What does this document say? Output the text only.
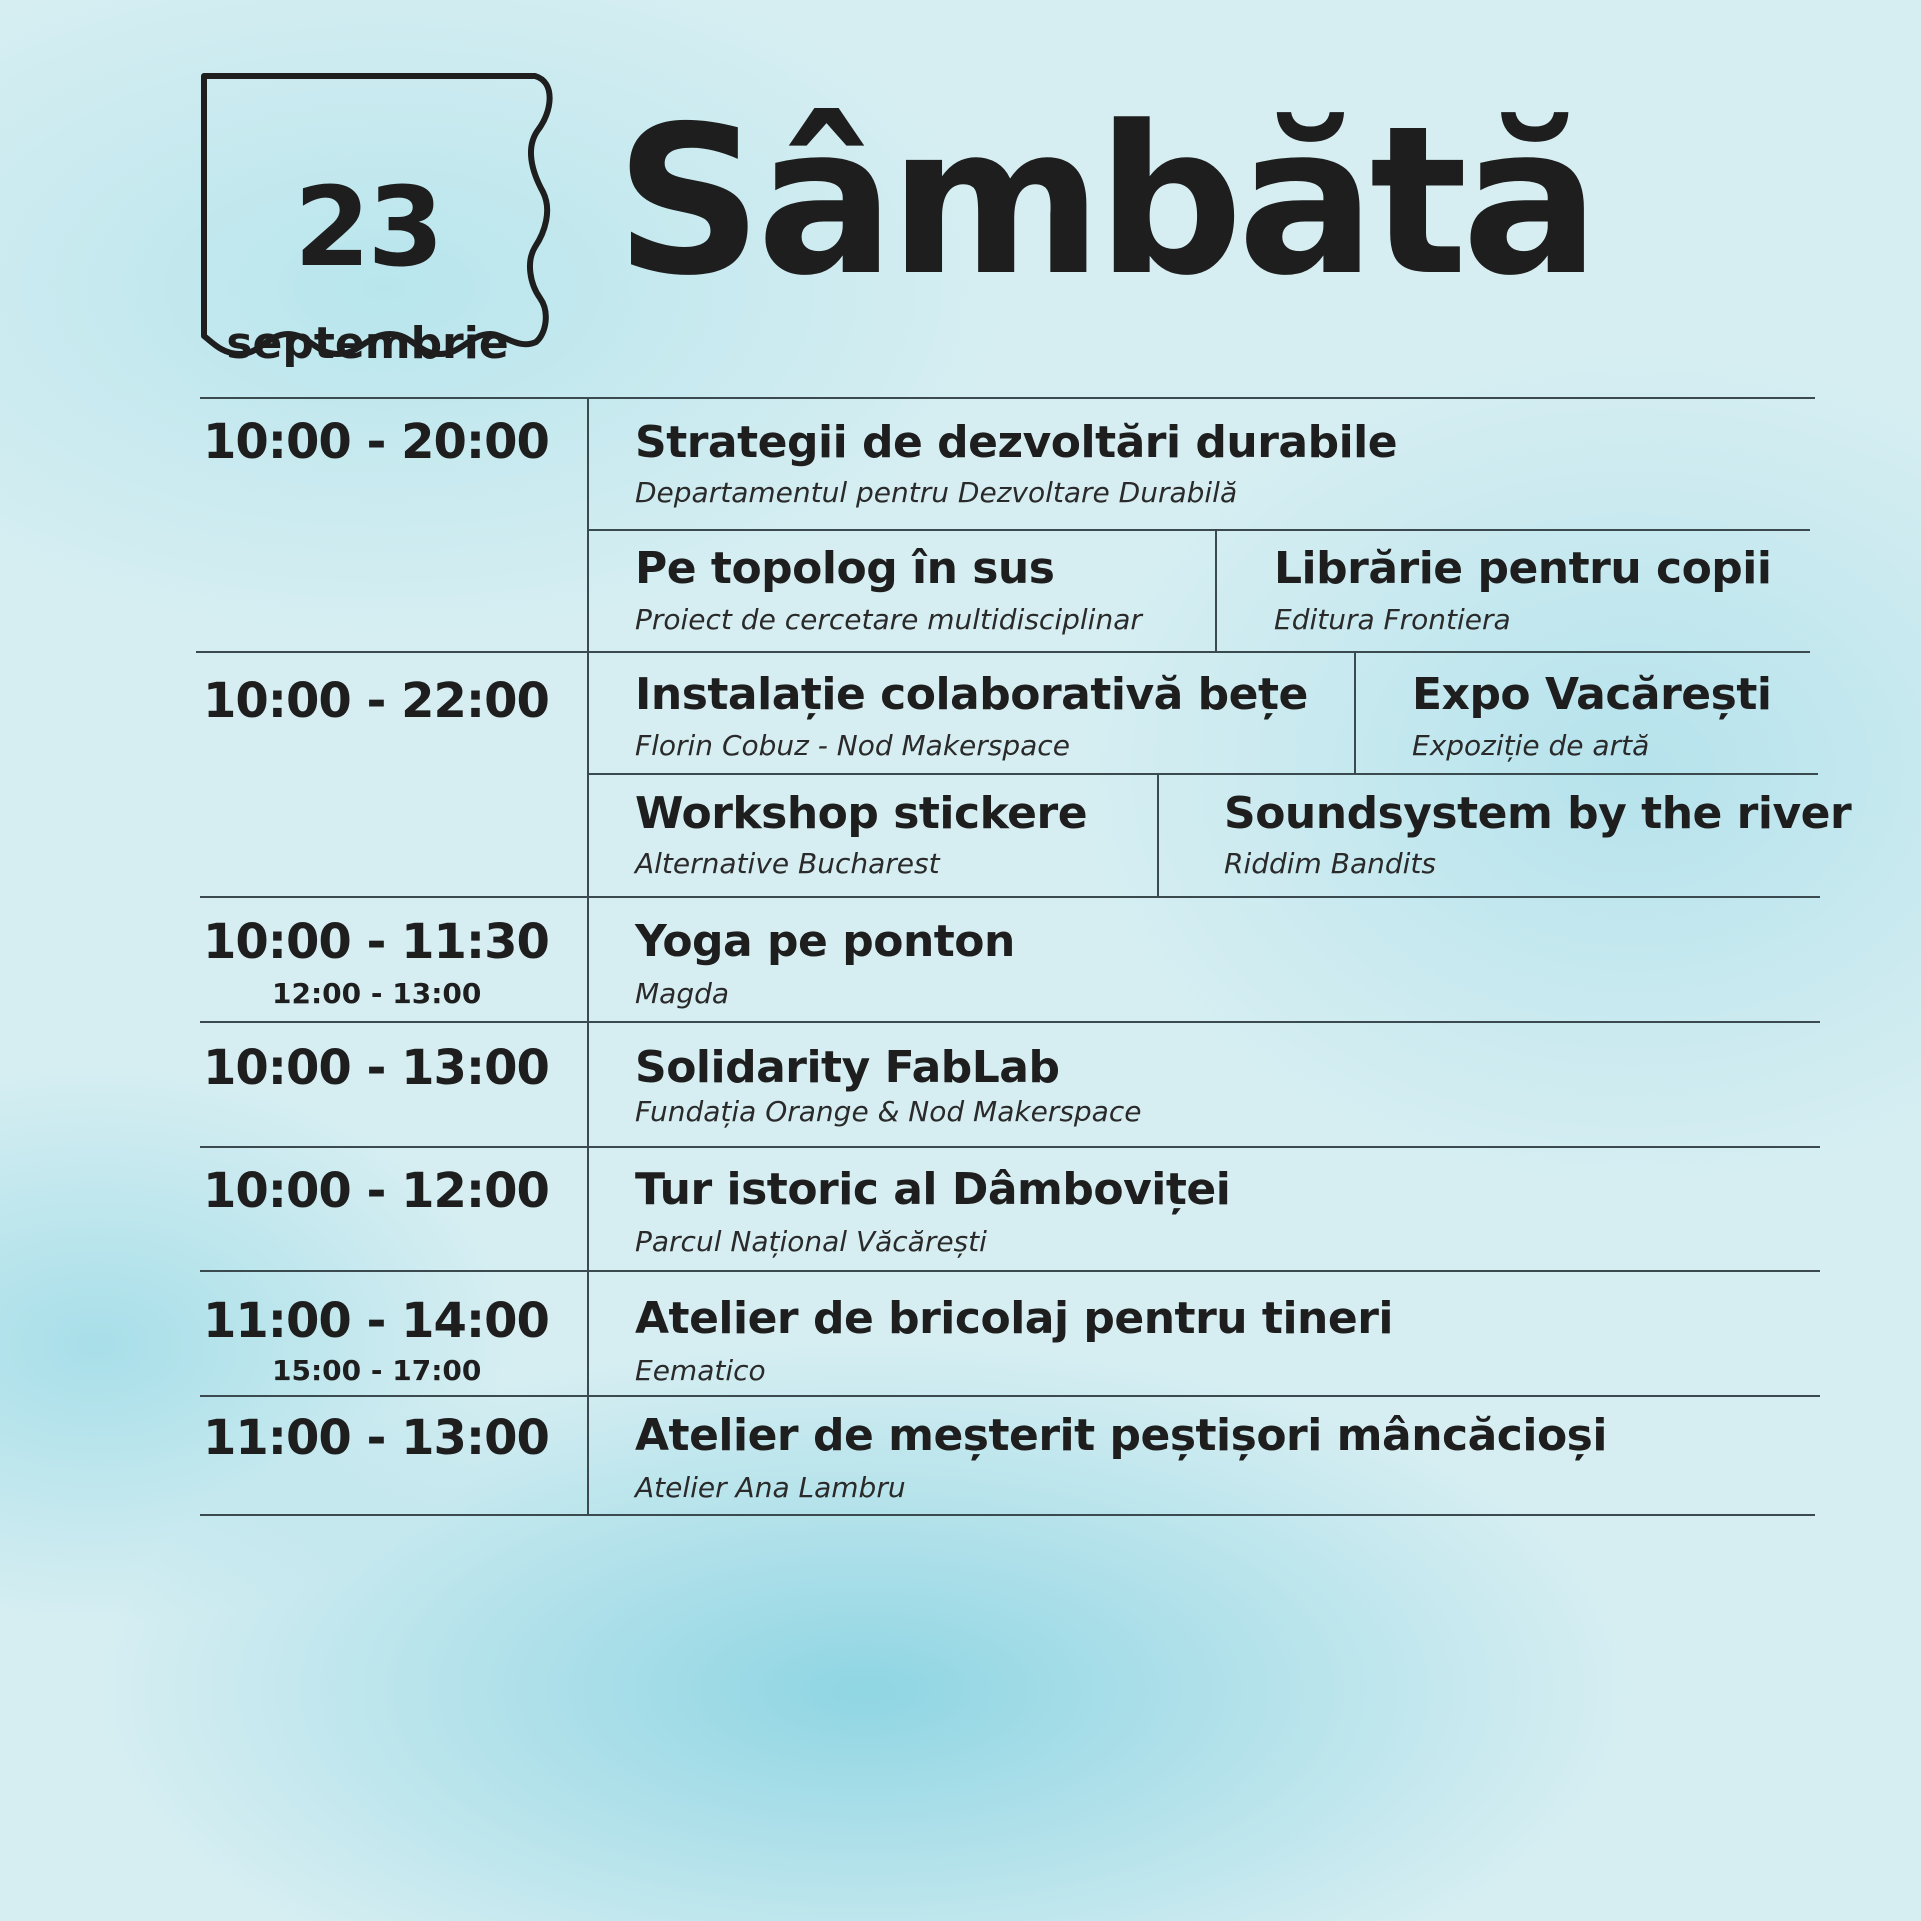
23
septembrie
Sâmbătă
10:00 - 20:00
10:00 - 22:00
10:00 - 11:30
12:00 - 13:00
10:00 - 13:00
10:00 - 12:00
11:00 - 14:00
15:00 - 17:00
11:00 - 13:00
Strategii de dezvoltări durabile
Departamentul pentru Dezvoltare Durabilă
Pe topolog în sus
Proiect de cercetare multidisciplinar
Librărie pentru copii
Editura Frontiera
Instalație colaborativă bețe
Florin Cobuz - Nod Makerspace
Expo Vacărești
Expoziție de artă
Workshop stickere
Alternative Bucharest
Soundsystem by the river
Riddim Bandits
Yoga pe ponton
Magda
Solidarity FabLab
Fundația Orange & Nod Makerspace
Tur istoric al Dâmboviței
Parcul Național Văcărești
Atelier de bricolaj pentru tineri
Eematico
Atelier de meșterit peștișori mâncăcioși
Atelier Ana Lambru
